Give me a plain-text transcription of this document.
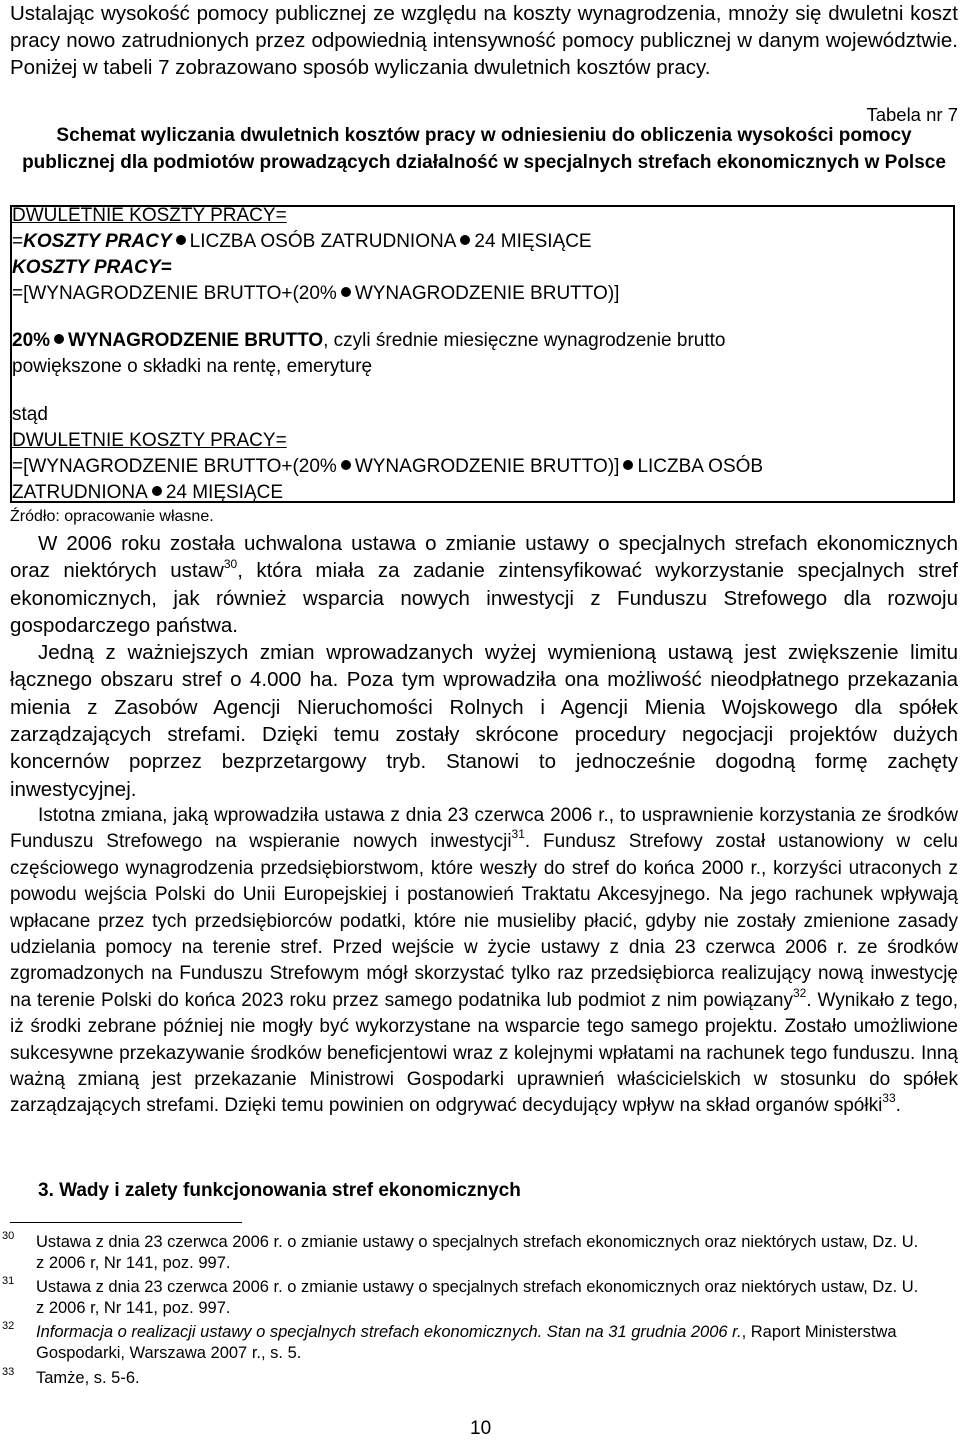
Ustalając wysokość pomocy publicznej ze względu na koszty wynagrodzenia, mnoży się dwuletni koszt pracy nowo zatrudnionych przez odpowiednią intensywność pomocy publicznej w danym województwie. Poniżej w tabeli 7 zobrazowano sposób wyliczania dwuletnich kosztów pracy.

Tabela nr 7

Schemat wyliczania dwuletnich kosztów pracy w odniesieniu do obliczenia wysokości pomocy publicznej dla podmiotów prowadzących działalność w specjalnych strefach ekonomicznych w Polsce

DWULETNIE KOSZTY PRACY=

=KOSZTY PRACY LICZBA OSÓB ZATRUDNIONA 24 MIĘSIĄCE

KOSZTY PRACY=

=[WYNAGRODZENIE BRUTTO+(20% WYNAGRODZENIE BRUTTO)]

20% WYNAGRODZENIE BRUTTO, czyli średnie miesięczne wynagrodzenie brutto

powiększone o składki na rentę, emeryturę

stąd

DWULETNIE KOSZTY PRACY=

=[WYNAGRODZENIE BRUTTO+(20% WYNAGRODZENIE BRUTTO)] LICZBA OSÓB

ZATRUDNIONA 24 MIĘSIĄCE

Źródło: opracowanie własne.

W 2006 roku została uchwalona ustawa o zmianie ustawy o specjalnych strefach ekonomicznych oraz niektórych ustaw$^{30}$, która miała za zadanie zintensyfikować wykorzystanie specjalnych stref ekonomicznych, jak również wsparcia nowych inwestycji z Funduszu Strefowego dla rozwoju gospodarczego państwa.

Jedną z ważniejszych zmian wprowadzanych wyżej wymienioną ustawą jest zwiększenie limitu łącznego obszaru stref o 4.000 ha. Poza tym wprowadziła ona możliwość nieodpłatnego przekazania mienia z Zasobów Agencji Nieruchomości Rolnych i Agencji Mienia Wojskowego dla spółek zarządzających strefami. Dzięki temu zostały skrócone procedury negocjacji projektów dużych koncernów poprzez bezprzetargowy tryb. Stanowi to jednocześnie dogodną formę zachęty inwestycyjnej.

Istotna zmiana, jaką wprowadziła ustawa z dnia 23 czerwca 2006 r., to usprawnienie korzystania ze środków Funduszu Strefowego na wspieranie nowych inwestycji$^{31}$. Fundusz Strefowy został ustanowiony w celu częściowego wynagrodzenia przedsiębiorstwom, które weszły do stref do końca 2000 r., korzyści utraconych z powodu wejścia Polski do Unii Europejskiej i postanowień Traktatu Akcesyjnego. Na jego rachunek wpływają wpłacane przez tych przedsiębiorców podatki, które nie musieliby płacić, gdyby nie zostały zmienione zasady udzielania pomocy na terenie stref. Przed wejście w życie ustawy z dnia 23 czerwca 2006 r. ze środków zgromadzonych na Funduszu Strefowym mógł skorzystać tylko raz przedsiębiorca realizujący nową inwestycję na terenie Polski do końca 2023 roku przez samego podatnika lub podmiot z nim powiązany$^{32}$. Wynikało z tego, iż środki zebrane później nie mogły być wykorzystane na wsparcie tego samego projektu. Zostało umożliwione sukcesywne przekazywanie środków beneficjentowi wraz z kolejnymi wpłatami na rachunek tego funduszu. Inną ważną zmianą jest przekazanie Ministrowi Gospodarki uprawnień właścicielskich w stosunku do spółek zarządzających strefami. Dzięki temu powinien on odgrywać decydujący wpływ na skład organów spółki$^{33}$.

3. Wady i zalety funkcjonowania stref ekonomicznych

30	Ustawa z dnia 23 czerwca 2006 r. o zmianie ustawy o specjalnych strefach ekonomicznych oraz niektórych ustaw, Dz. U. z 2006 r, Nr 141, poz. 997.

31	Ustawa z dnia 23 czerwca 2006 r. o zmianie ustawy o specjalnych strefach ekonomicznych oraz niektórych ustaw, Dz. U. z 2006 r, Nr 141, poz. 997.

32	Informacja o realizacji ustawy o specjalnych strefach ekonomicznych. Stan na 31 grudnia 2006 r., Raport Ministerstwa Gospodarki, Warszawa 2007 r., s. 5.

33	Tamże, s. 5-6.

10
